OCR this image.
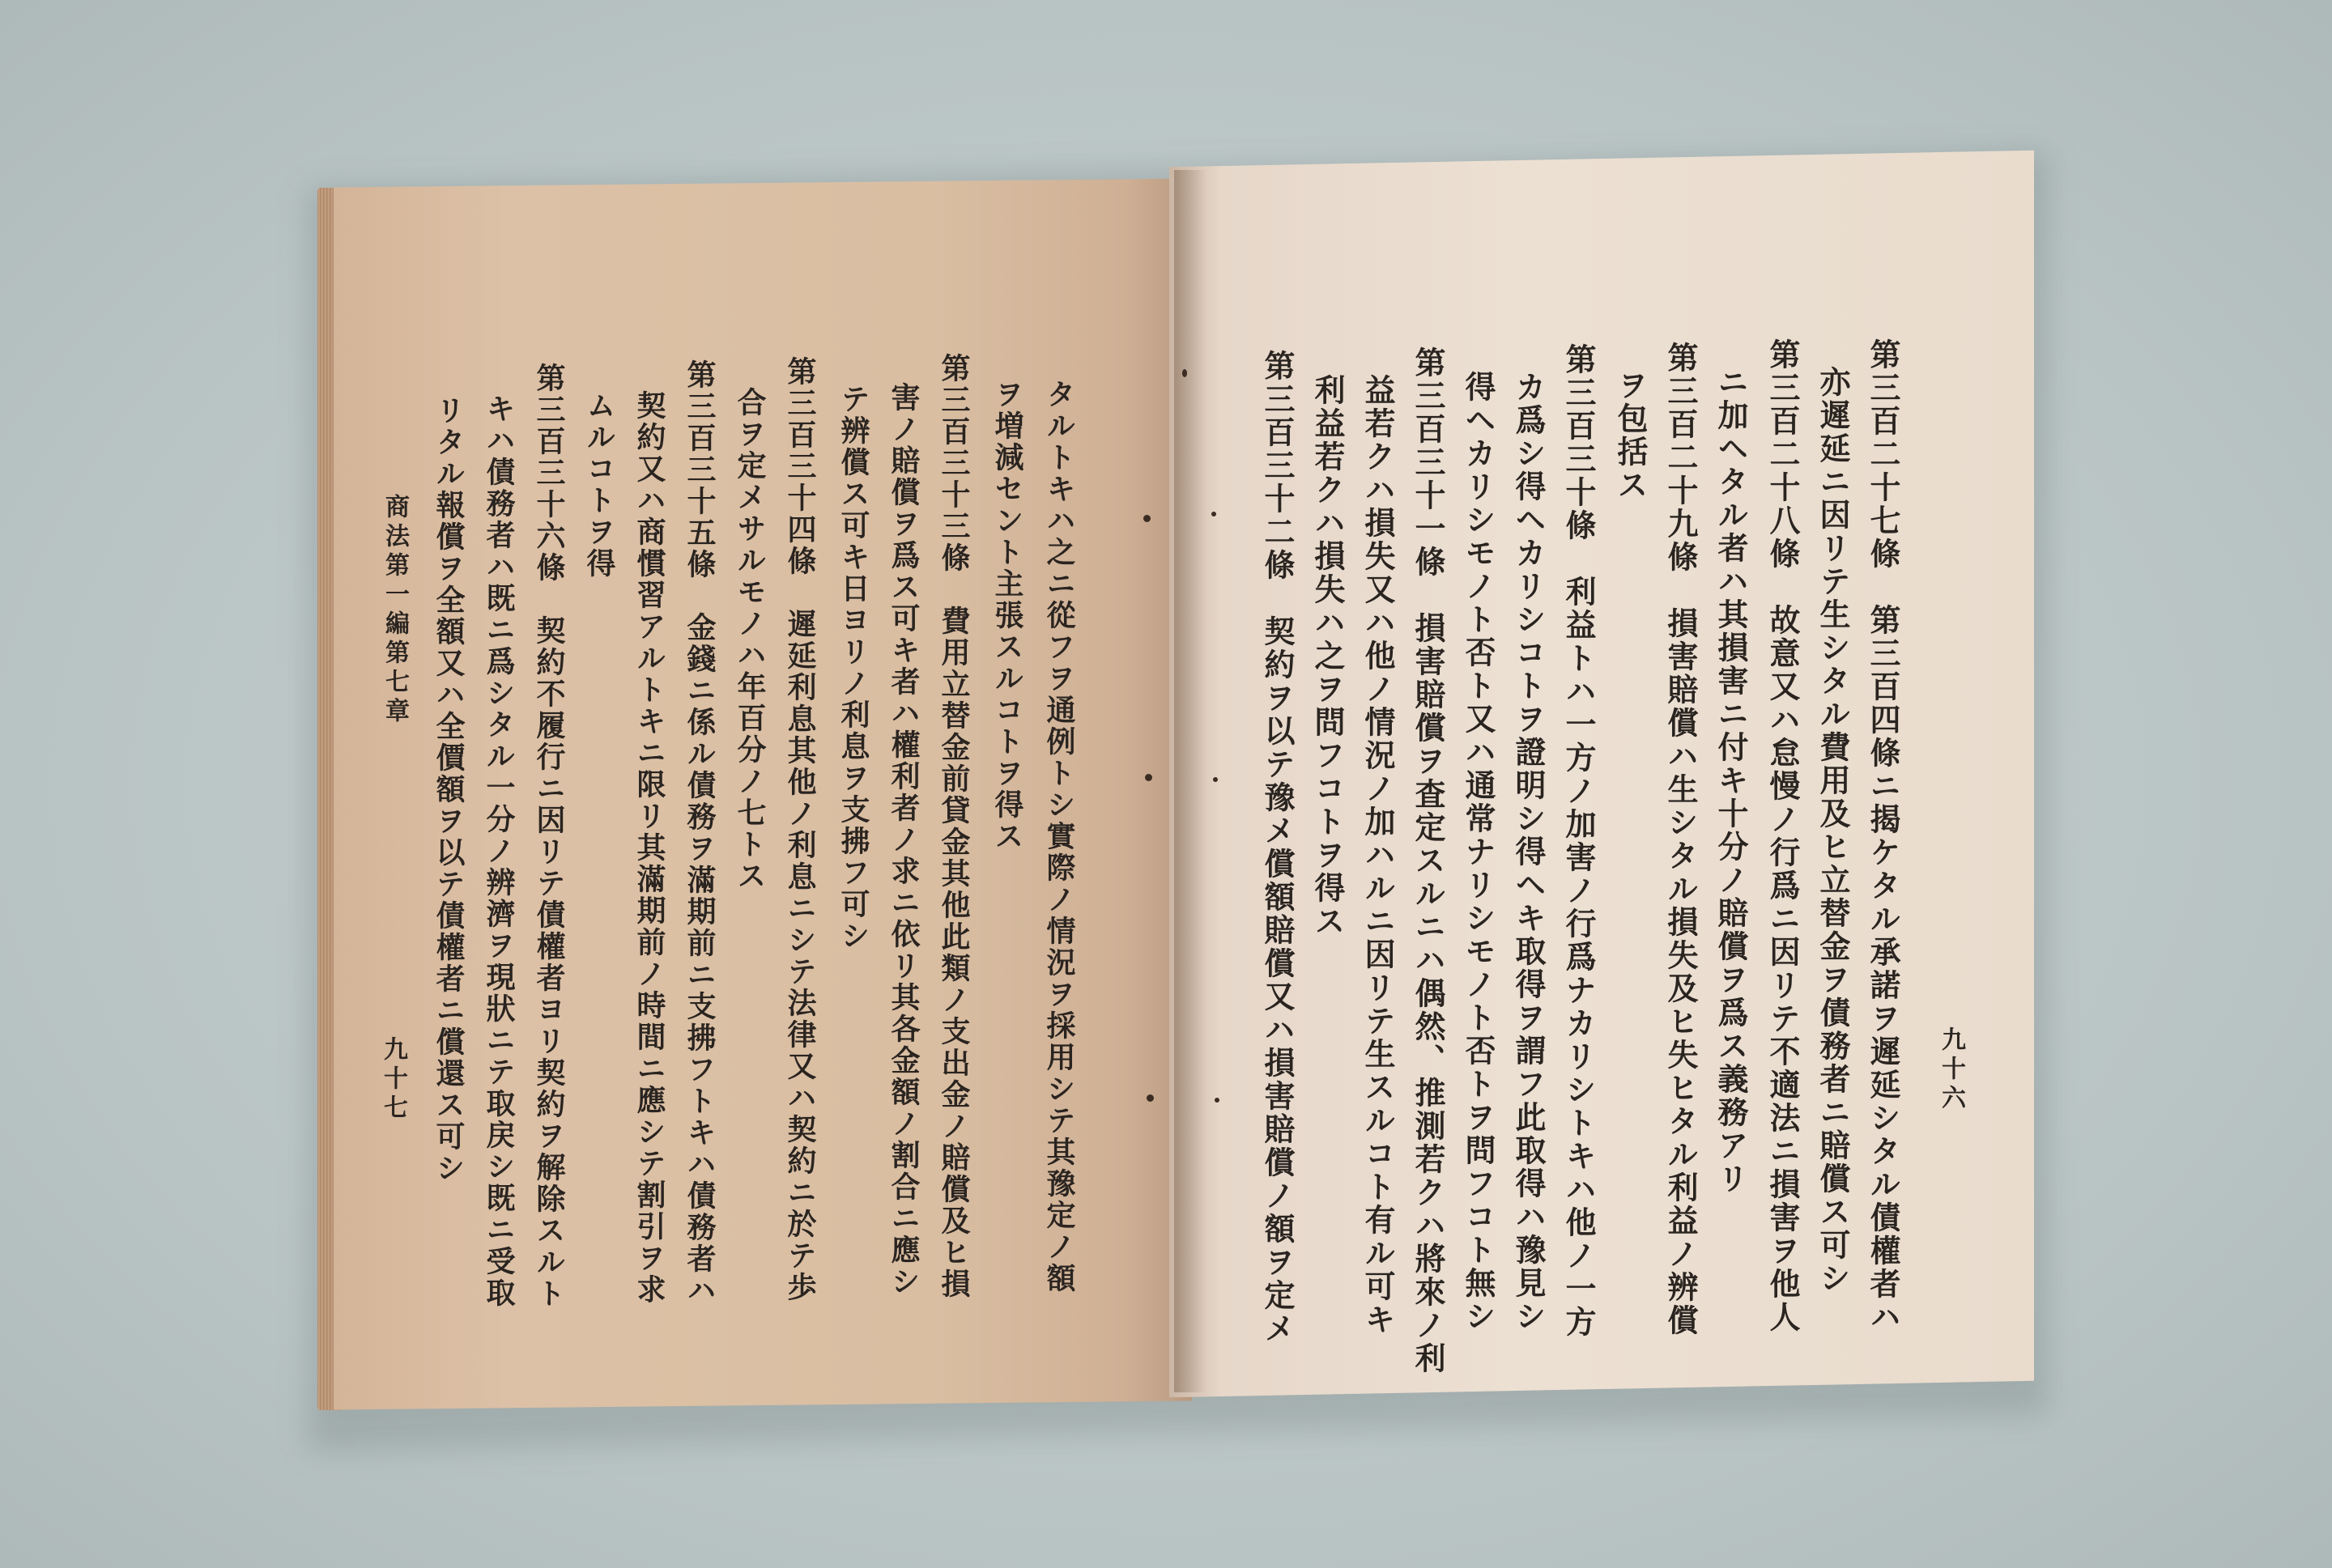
タルトキハ之ニ從フヲ通例トシ實際ノ情況ヲ採用シテ其豫定ノ額
ヲ増減セント主張スルコトヲ得ス
第三百三十三條　費用立替金前貸金其他此類ノ支出金ノ賠償及ヒ損
害ノ賠償ヲ爲ス可キ者ハ權利者ノ求ニ依リ其各金額ノ割合ニ應シ
テ辨償ス可キ日ヨリノ利息ヲ支拂フ可シ
第三百三十四條　遲延利息其他ノ利息ニシテ法律又ハ契約ニ於テ歩
合ヲ定メサルモノハ年百分ノ七トス
第三百三十五條　金錢ニ係ル債務ヲ滿期前ニ支拂フトキハ債務者ハ
契約又ハ商慣習アルトキニ限リ其滿期前ノ時間ニ應シテ割引ヲ求
ムルコトヲ得
第三百三十六條　契約不履行ニ因リテ債權者ヨリ契約ヲ解除スルト
キハ債務者ハ既ニ爲シタル一分ノ辨濟ヲ現狀ニテ取戻シ既ニ受取
リタル報償ヲ全額又ハ全價額ヲ以テ債權者ニ償還ス可シ
商法第一編第七章
九十七	九十六
第三百二十七條　第三百四條ニ揭ケタル承諾ヲ遲延シタル債權者ハ
亦遲延ニ因リテ生シタル費用及ヒ立替金ヲ債務者ニ賠償ス可シ
第三百二十八條　故意又ハ怠慢ノ行爲ニ因リテ不適法ニ損害ヲ他人
ニ加ヘタル者ハ其損害ニ付キ十分ノ賠償ヲ爲ス義務アリ
第三百二十九條　損害賠償ハ生シタル損失及ヒ失ヒタル利益ノ辨償
ヲ包括ス
第三百三十條　利益トハ一方ノ加害ノ行爲ナカリシトキハ他ノ一方
カ爲シ得ヘカリシコトヲ證明シ得ヘキ取得ヲ謂フ此取得ハ豫見シ
得ヘカリシモノト否ト又ハ通常ナリシモノト否トヲ問フコト無シ
第三百三十一條　損害賠償ヲ査定スルニハ偶然、推測若クハ將來ノ利
益若クハ損失又ハ他ノ情況ノ加ハルニ因リテ生スルコト有ル可キ
利益若クハ損失ハ之ヲ問フコトヲ得ス
第三百三十二條　契約ヲ以テ豫メ償額賠償又ハ損害賠償ノ額ヲ定メ
